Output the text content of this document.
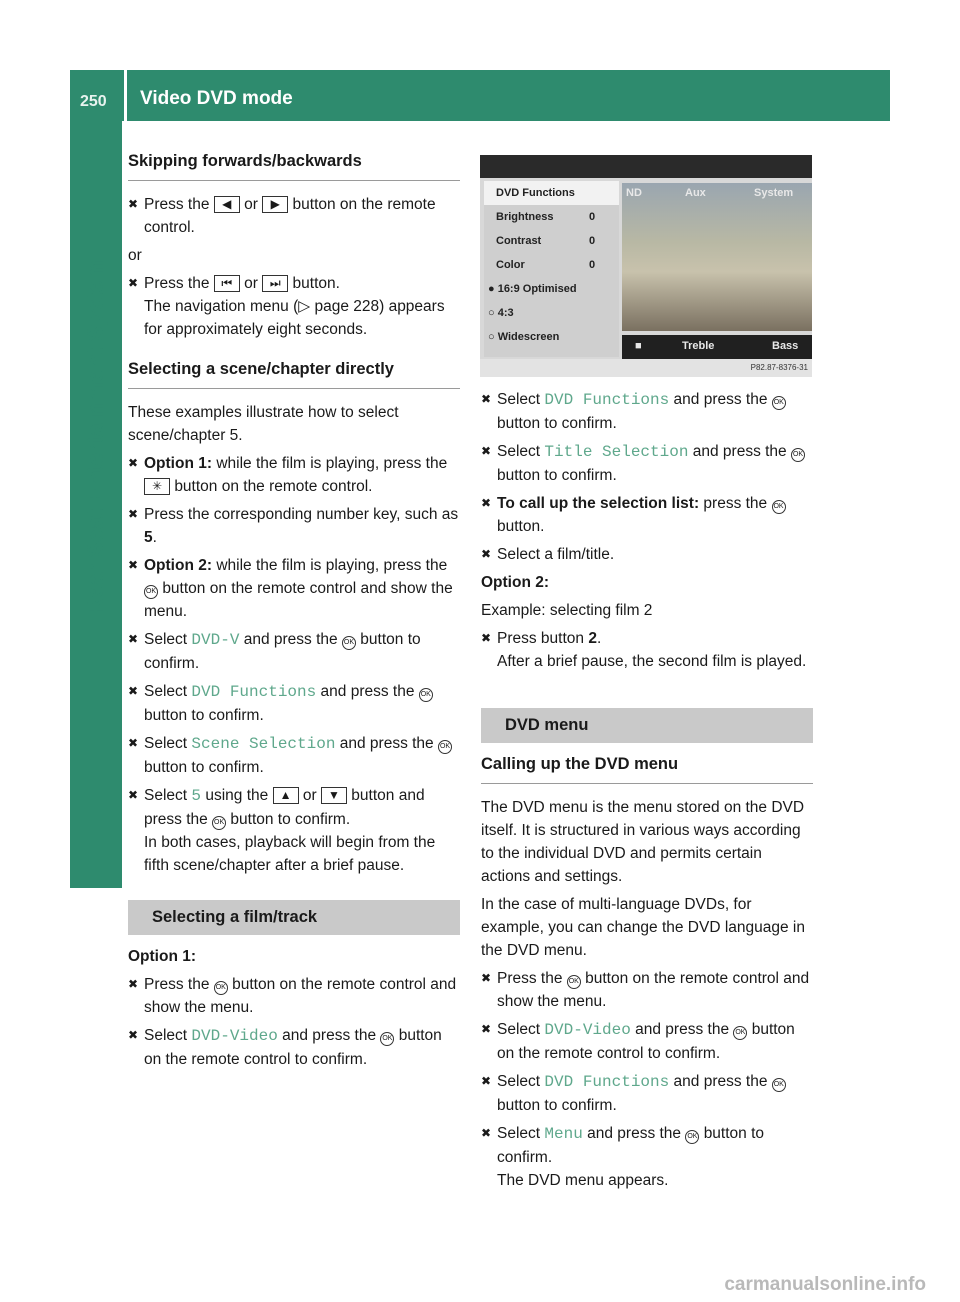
250 Video DVD mode
Rear Seat Entertainment System
Skipping forwards/backwards
✖ Press the ◀ or ▶ button on the remote control.

or

✖ Press the ⏮ or ⏭ button.
The navigation menu (▷ page 228) appears for approximately eight seconds.
Selecting a scene/chapter directly

These examples illustrate how to select scene/chapter 5.

✖ Option 1: while the film is playing, press the ✳ button on the remote control.
✖ Press the corresponding number key, such as 5.
✖ Option 2: while the film is playing, press the OK button on the remote control and show the menu.
✖ Select DVD-V and press the OK button to confirm.
✖ Select DVD Functions and press the OK button to confirm.
✖ Select Scene Selection and press the OK button to confirm.
✖ Select 5 using the ▲ or ▼ button and press the OK button to confirm.
In both cases, playback will begin from the fifth scene/chapter after a brief pause.
Selecting a film/track

Option 1:

✖ Press the OK button on the remote control and show the menu.
✖ Select DVD-Video and press the OK button on the remote control to confirm.
ND	Aux	System
■	Treble	Bass
DVD Functions
Brightness	0
Contrast	0
Color	0
● 16:9 Optimised
○ 4:3
○ Widescreen
P82.87-8376-31
✖ Select DVD Functions and press the OK button to confirm.
✖ Select Title Selection and press the OK button to confirm.
✖ To call up the selection list: press the OK button.
✖ Select a film/title.

Option 2:

Example: selecting film 2

✖ Press button 2.
After a brief pause, the second film is played.
DVD menu
Calling up the DVD menu

The DVD menu is the menu stored on the DVD itself. It is structured in various ways according to the individual DVD and permits certain actions and settings.

In the case of multi-language DVDs, for example, you can change the DVD language in the DVD menu.

✖ Press the OK button on the remote control and show the menu.
✖ Select DVD-Video and press the OK button on the remote control to confirm.
✖ Select DVD Functions and press the OK button to confirm.
✖ Select Menu and press the OK button to confirm.
The DVD menu appears.
carmanualsonline.info
